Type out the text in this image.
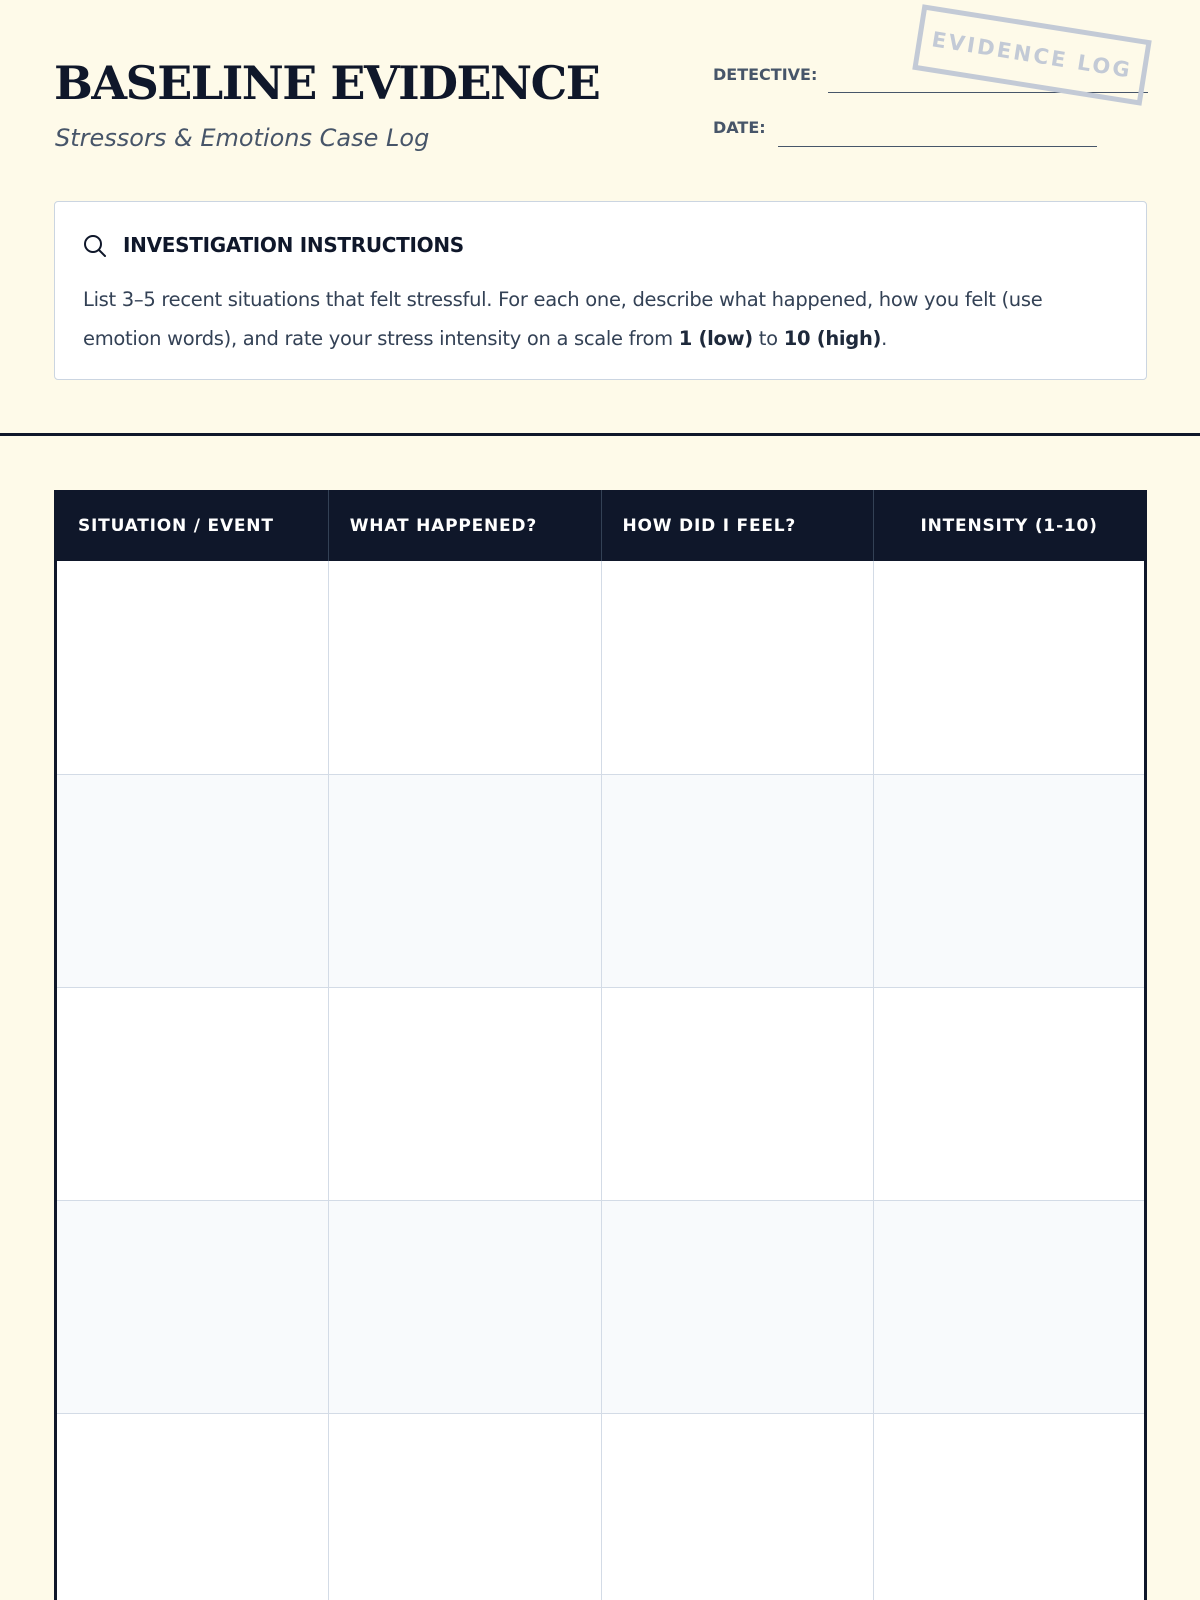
BASELINE EVIDENCE
Stressors & Emotions Case Log
DETECTIVE:
DATE:
EVIDENCE LOG
INVESTIGATION INSTRUCTIONS
List 3–5 recent situations that felt stressful. For each one, describe what happened, how you felt (use emotion words), and rate your stress intensity on a scale from 1 (low) to 10 (high).
SITUATION / EVENT	WHAT HAPPENED?	HOW DID I FEEL?	INTENSITY (1-10)
